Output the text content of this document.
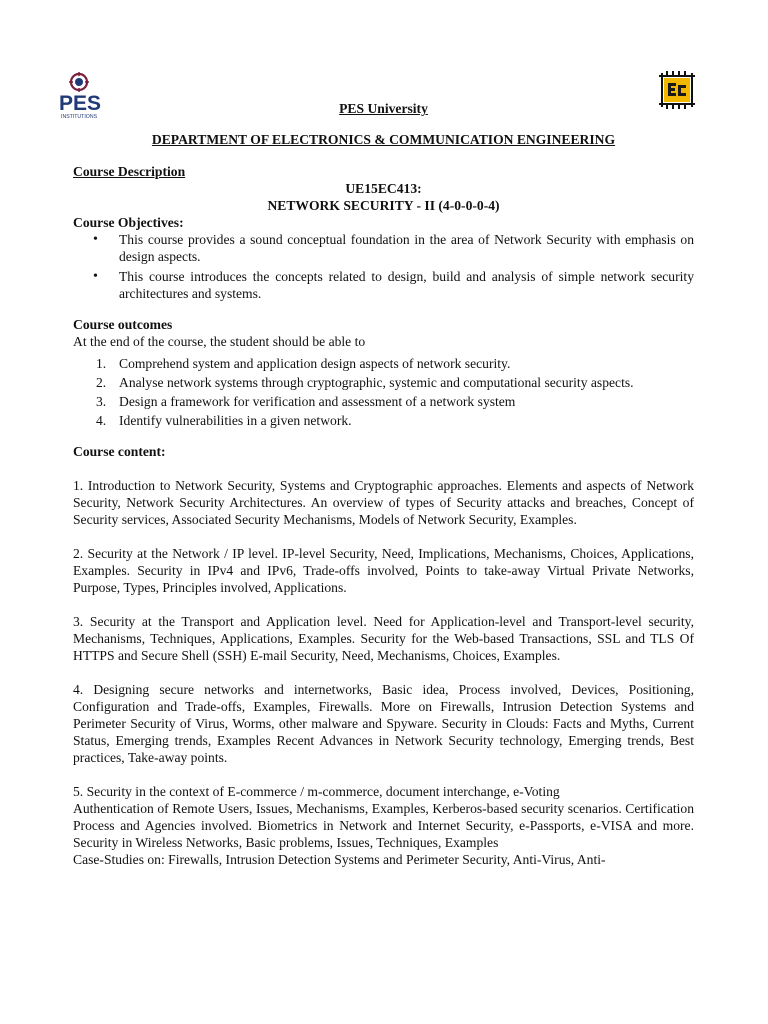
PES
INSTITUTIONS
PES University
DEPARTMENT OF ELECTRONICS & COMMUNICATION ENGINEERING
Course Description
UE15EC413:
NETWORK SECURITY - II (4-0-0-0-4)
Course Objectives:
• This course provides a sound conceptual foundation in the area of Network Security with emphasis on design aspects.
• This course introduces the concepts related to design, build and analysis of simple network security architectures and systems.
Course outcomes
At the end of the course, the student should be able to
1. Comprehend system and application design aspects of network security.
2. Analyse network systems through cryptographic, systemic and computational security aspects.
3. Design a framework for verification and assessment of a network system
4. Identify vulnerabilities in a given network.
Course content:
1. Introduction to Network Security, Systems and Cryptographic approaches. Elements and aspects of Network Security, Network Security Architectures. An overview of types of Security attacks and breaches, Concept of Security services, Associated Security Mechanisms, Models of Network Security, Examples.
2. Security at the Network / IP level. IP-level Security, Need, Implications, Mechanisms, Choices, Applications, Examples. Security in IPv4 and IPv6, Trade-offs involved, Points to take-away Virtual Private Networks, Purpose, Types, Principles involved, Applications.
3. Security at the Transport and Application level. Need for Application-level and Transport-level security, Mechanisms, Techniques, Applications, Examples. Security for the Web-based Transactions, SSL and TLS Of HTTPS and Secure Shell (SSH) E-mail Security, Need, Mechanisms, Choices, Examples.
4. Designing secure networks and internetworks, Basic idea, Process involved, Devices, Positioning, Configuration and Trade-offs, Examples, Firewalls. More on Firewalls, Intrusion Detection Systems and Perimeter Security of Virus, Worms, other malware and Spyware. Security in Clouds: Facts and Myths, Current Status, Emerging trends, Examples Recent Advances in Network Security technology, Emerging trends, Best practices, Take-away points.

5. Security in the context of E-commerce / m-commerce, document interchange, e-Voting

Authentication of Remote Users, Issues, Mechanisms, Examples, Kerberos-based security scenarios. Certification Process and Agencies involved. Biometrics in Network and Internet Security, e-Passports, e-VISA and more. Security in Wireless Networks, Basic problems, Issues, Techniques, Examples

Case-Studies on: Firewalls, Intrusion Detection Systems and Perimeter Security, Anti-Virus, Anti-
